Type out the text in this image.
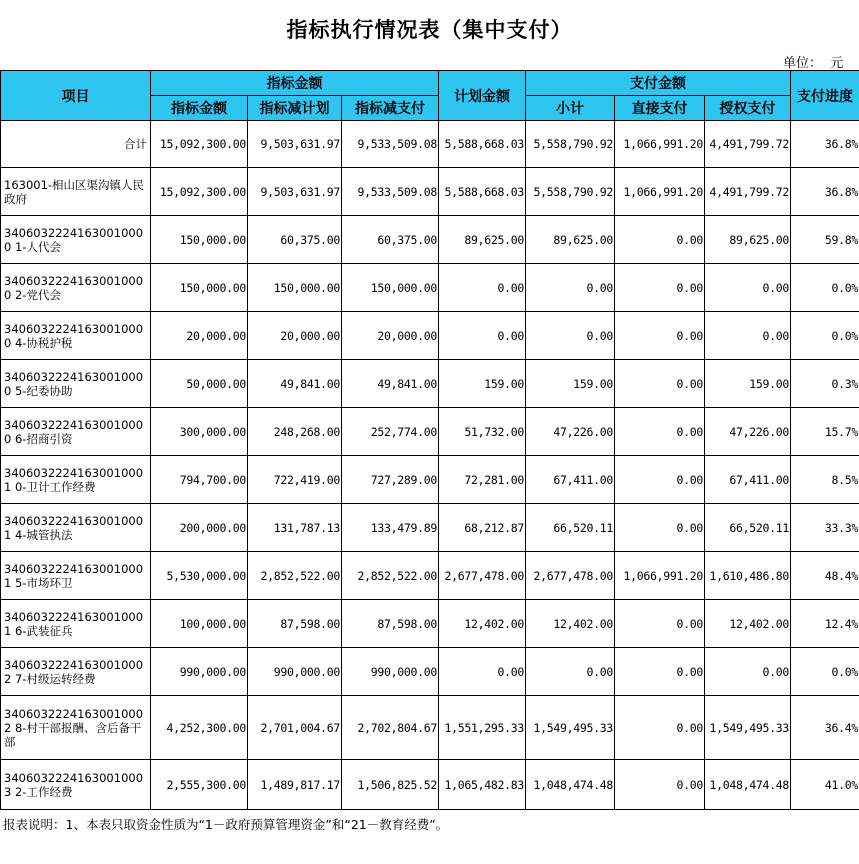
指标执行情况表（集中支付）
单位：  元
项目	指标金额			计划金额	支付金额			支付进度
	指标金额	指标减计划	指标减支付		小计	直接支付	授权支付	
合计	15,092,300.00	9,503,631.97	9,533,509.08	5,588,668.03	5,558,790.92	1,066,991.20	4,491,799.72	36.8%
163001-相山区渠沟镇人民政府	15,092,300.00	9,503,631.97	9,533,509.08	5,588,668.03	5,558,790.92	1,066,991.20	4,491,799.72	36.8%
34060322241630010000 1-人代会	150,000.00	60,375.00	60,375.00	89,625.00	89,625.00	0.00	89,625.00	59.8%
34060322241630010000 2-党代会	150,000.00	150,000.00	150,000.00	0.00	0.00	0.00	0.00	0.0%
34060322241630010000 4-协税护税	20,000.00	20,000.00	20,000.00	0.00	0.00	0.00	0.00	0.0%
34060322241630010000 5-纪委协助	50,000.00	49,841.00	49,841.00	159.00	159.00	0.00	159.00	0.3%
34060322241630010000 6-招商引资	300,000.00	248,268.00	252,774.00	51,732.00	47,226.00	0.00	47,226.00	15.7%
34060322241630010001 0-卫计工作经费	794,700.00	722,419.00	727,289.00	72,281.00	67,411.00	0.00	67,411.00	8.5%
34060322241630010001 4-城管执法	200,000.00	131,787.13	133,479.89	68,212.87	66,520.11	0.00	66,520.11	33.3%
34060322241630010001 5-市场环卫	5,530,000.00	2,852,522.00	2,852,522.00	2,677,478.00	2,677,478.00	1,066,991.20	1,610,486.80	48.4%
34060322241630010001 6-武装征兵	100,000.00	87,598.00	87,598.00	12,402.00	12,402.00	0.00	12,402.00	12.4%
34060322241630010002 7-村级运转经费	990,000.00	990,000.00	990,000.00	0.00	0.00	0.00	0.00	0.0%
34060322241630010002 8-村干部报酬、含后备干部	4,252,300.00	2,701,004.67	2,702,804.67	1,551,295.33	1,549,495.33	0.00	1,549,495.33	36.4%
34060322241630010003 2-工作经费	2,555,300.00	1,489,817.17	1,506,825.52	1,065,482.83	1,048,474.48	0.00	1,048,474.48	41.0%
报表说明：1、本表只取资金性质为“1－政府预算管理资金”和“21－教育经费”。
